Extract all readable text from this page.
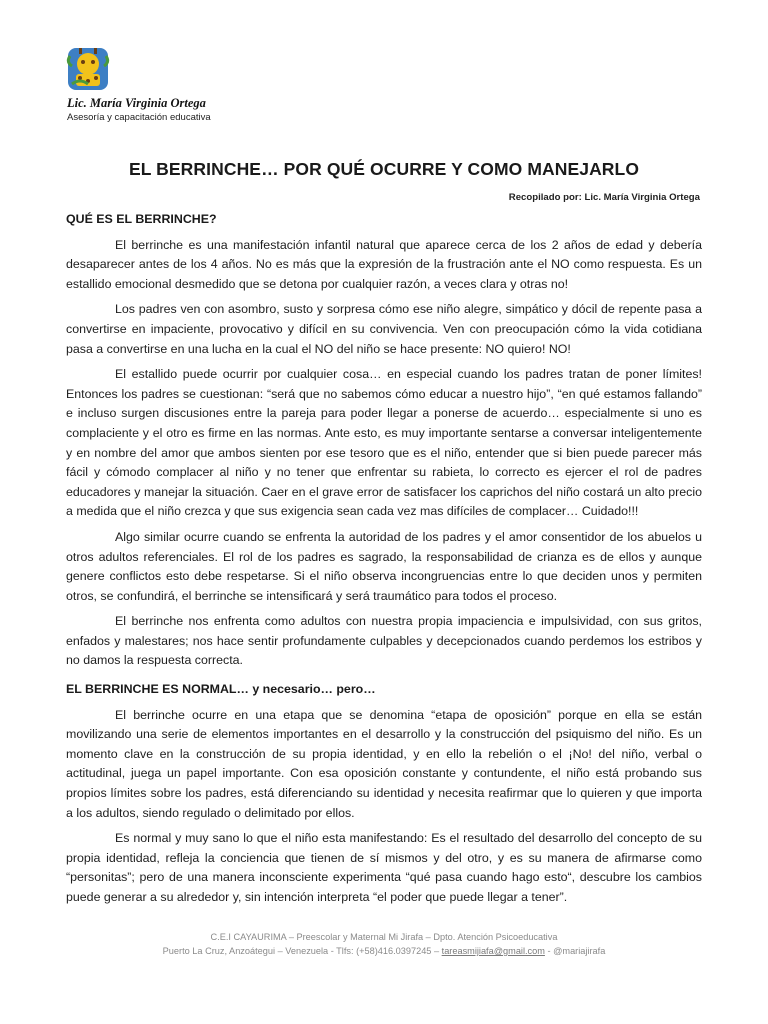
Lic. María Virginia Ortega
Asesoría y capacitación educativa
EL BERRINCHE… POR QUÉ OCURRE Y COMO MANEJARLO
Recopilado por: Lic. María Virginia Ortega
QUÉ ES EL BERRINCHE?

El berrinche es una manifestación infantil natural que aparece cerca de los 2 años de edad y debería desaparecer antes de los 4 años. No es más que la expresión de la frustración ante el NO como respuesta. Es un estallido emocional desmedido que se detona por cualquier razón, a veces clara y otras no!

Los padres ven con asombro, susto y sorpresa cómo ese niño alegre, simpático y dócil de repente pasa a convertirse en impaciente, provocativo y difícil en su convivencia. Ven con preocupación cómo la vida cotidiana pasa a convertirse en una lucha en la cual el NO del niño se hace presente: NO quiero! NO!

El estallido puede ocurrir por cualquier cosa… en especial cuando los padres tratan de poner límites! Entonces los padres se cuestionan: “será que no sabemos cómo educar a nuestro hijo”, “en qué estamos fallando” e incluso surgen discusiones entre la pareja para poder llegar a ponerse de acuerdo… especialmente si uno es complaciente y el otro es firme en las normas. Ante esto, es muy importante sentarse a conversar inteligentemente y en nombre del amor que ambos sienten por ese tesoro que es el niño, entender que si bien puede parecer más fácil y cómodo complacer al niño y no tener que enfrentar su rabieta, lo correcto es ejercer el rol de padres educadores y manejar la situación. Caer en el grave error de satisfacer los caprichos del niño costará un alto precio a medida que el niño crezca y que sus exigencia sean cada vez mas difíciles de complacer… Cuidado!!!

Algo similar ocurre cuando se enfrenta la autoridad de los padres y el amor consentidor de los abuelos u otros adultos referenciales. El rol de los padres es sagrado, la responsabilidad de crianza es de ellos y aunque genere conflictos esto debe respetarse. Si el niño observa incongruencias entre lo que deciden unos y permiten otros, se confundirá, el berrinche se intensificará y será traumático para todos el proceso.

El berrinche nos enfrenta como adultos con nuestra propia impaciencia e impulsividad, con sus gritos, enfados y malestares; nos hace sentir profundamente culpables y decepcionados cuando perdemos los estribos y no damos la respuesta correcta.

EL BERRINCHE ES NORMAL… y necesario… pero…

El berrinche ocurre en una etapa que se denomina “etapa de oposición” porque en ella se están movilizando una serie de elementos importantes en el desarrollo y la construcción del psiquismo del niño. Es un momento clave en la construcción de su propia identidad, y en ello la rebelión o el ¡No! del niño, verbal o actitudinal, juega un papel importante. Con esa oposición constante y contundente, el niño está probando sus propios límites sobre los padres, está diferenciando su identidad y necesita reafirmar que lo quieren y que importa a los adultos, siendo regulado o delimitado por ellos.

Es normal y muy sano lo que el niño esta manifestando: Es el resultado del desarrollo del concepto de su propia identidad, refleja la conciencia que tienen de sí mismos y del otro, y es su manera de afirmarse como “personitas”; pero de una manera inconsciente experimenta “qué pasa cuando hago esto“, descubre los cambios puede generar a su alrededor y, sin intención interpreta “el poder que puede llegar a tener”.

C.E.I CAYAURIMA – Preescolar y Maternal Mi Jirafa – Dpto. Atención Psicoeducativa
Puerto La Cruz, Anzoátegui – Venezuela - Tlfs: (+58)416.0397245 – tareasmijiafa@gmail.com - @mariajirafa
